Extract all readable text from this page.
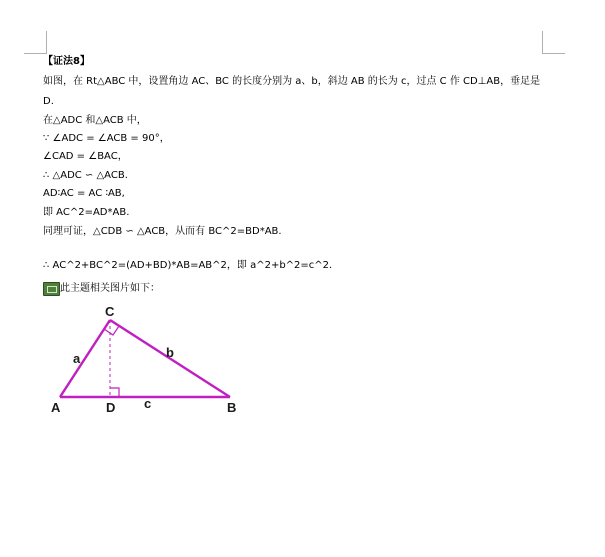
【证法8】
如图，在 Rt△ABC 中，设置角边 AC、BC 的长度分别为 a、b，斜边 AB 的长为 c，过点 C 作 CD⊥AB，垂足是
D.
在△ADC 和△ACB 中，
∵ ∠ADC = ∠ACB = 90°，
∠CAD = ∠BAC，
∴ △ADC ∽ △ACB.
AD∶AC = AC ∶AB,
即 AC^2=AD*AB.
同理可证，△CDB ∽ △ACB，从而有 BC^2=BD*AB.
∴ AC^2+BC^2=(AD+BD)*AB=AB^2，即 a^2+b^2=c^2.
此主题相关图片如下：
C
A	D	B
a	b
c
